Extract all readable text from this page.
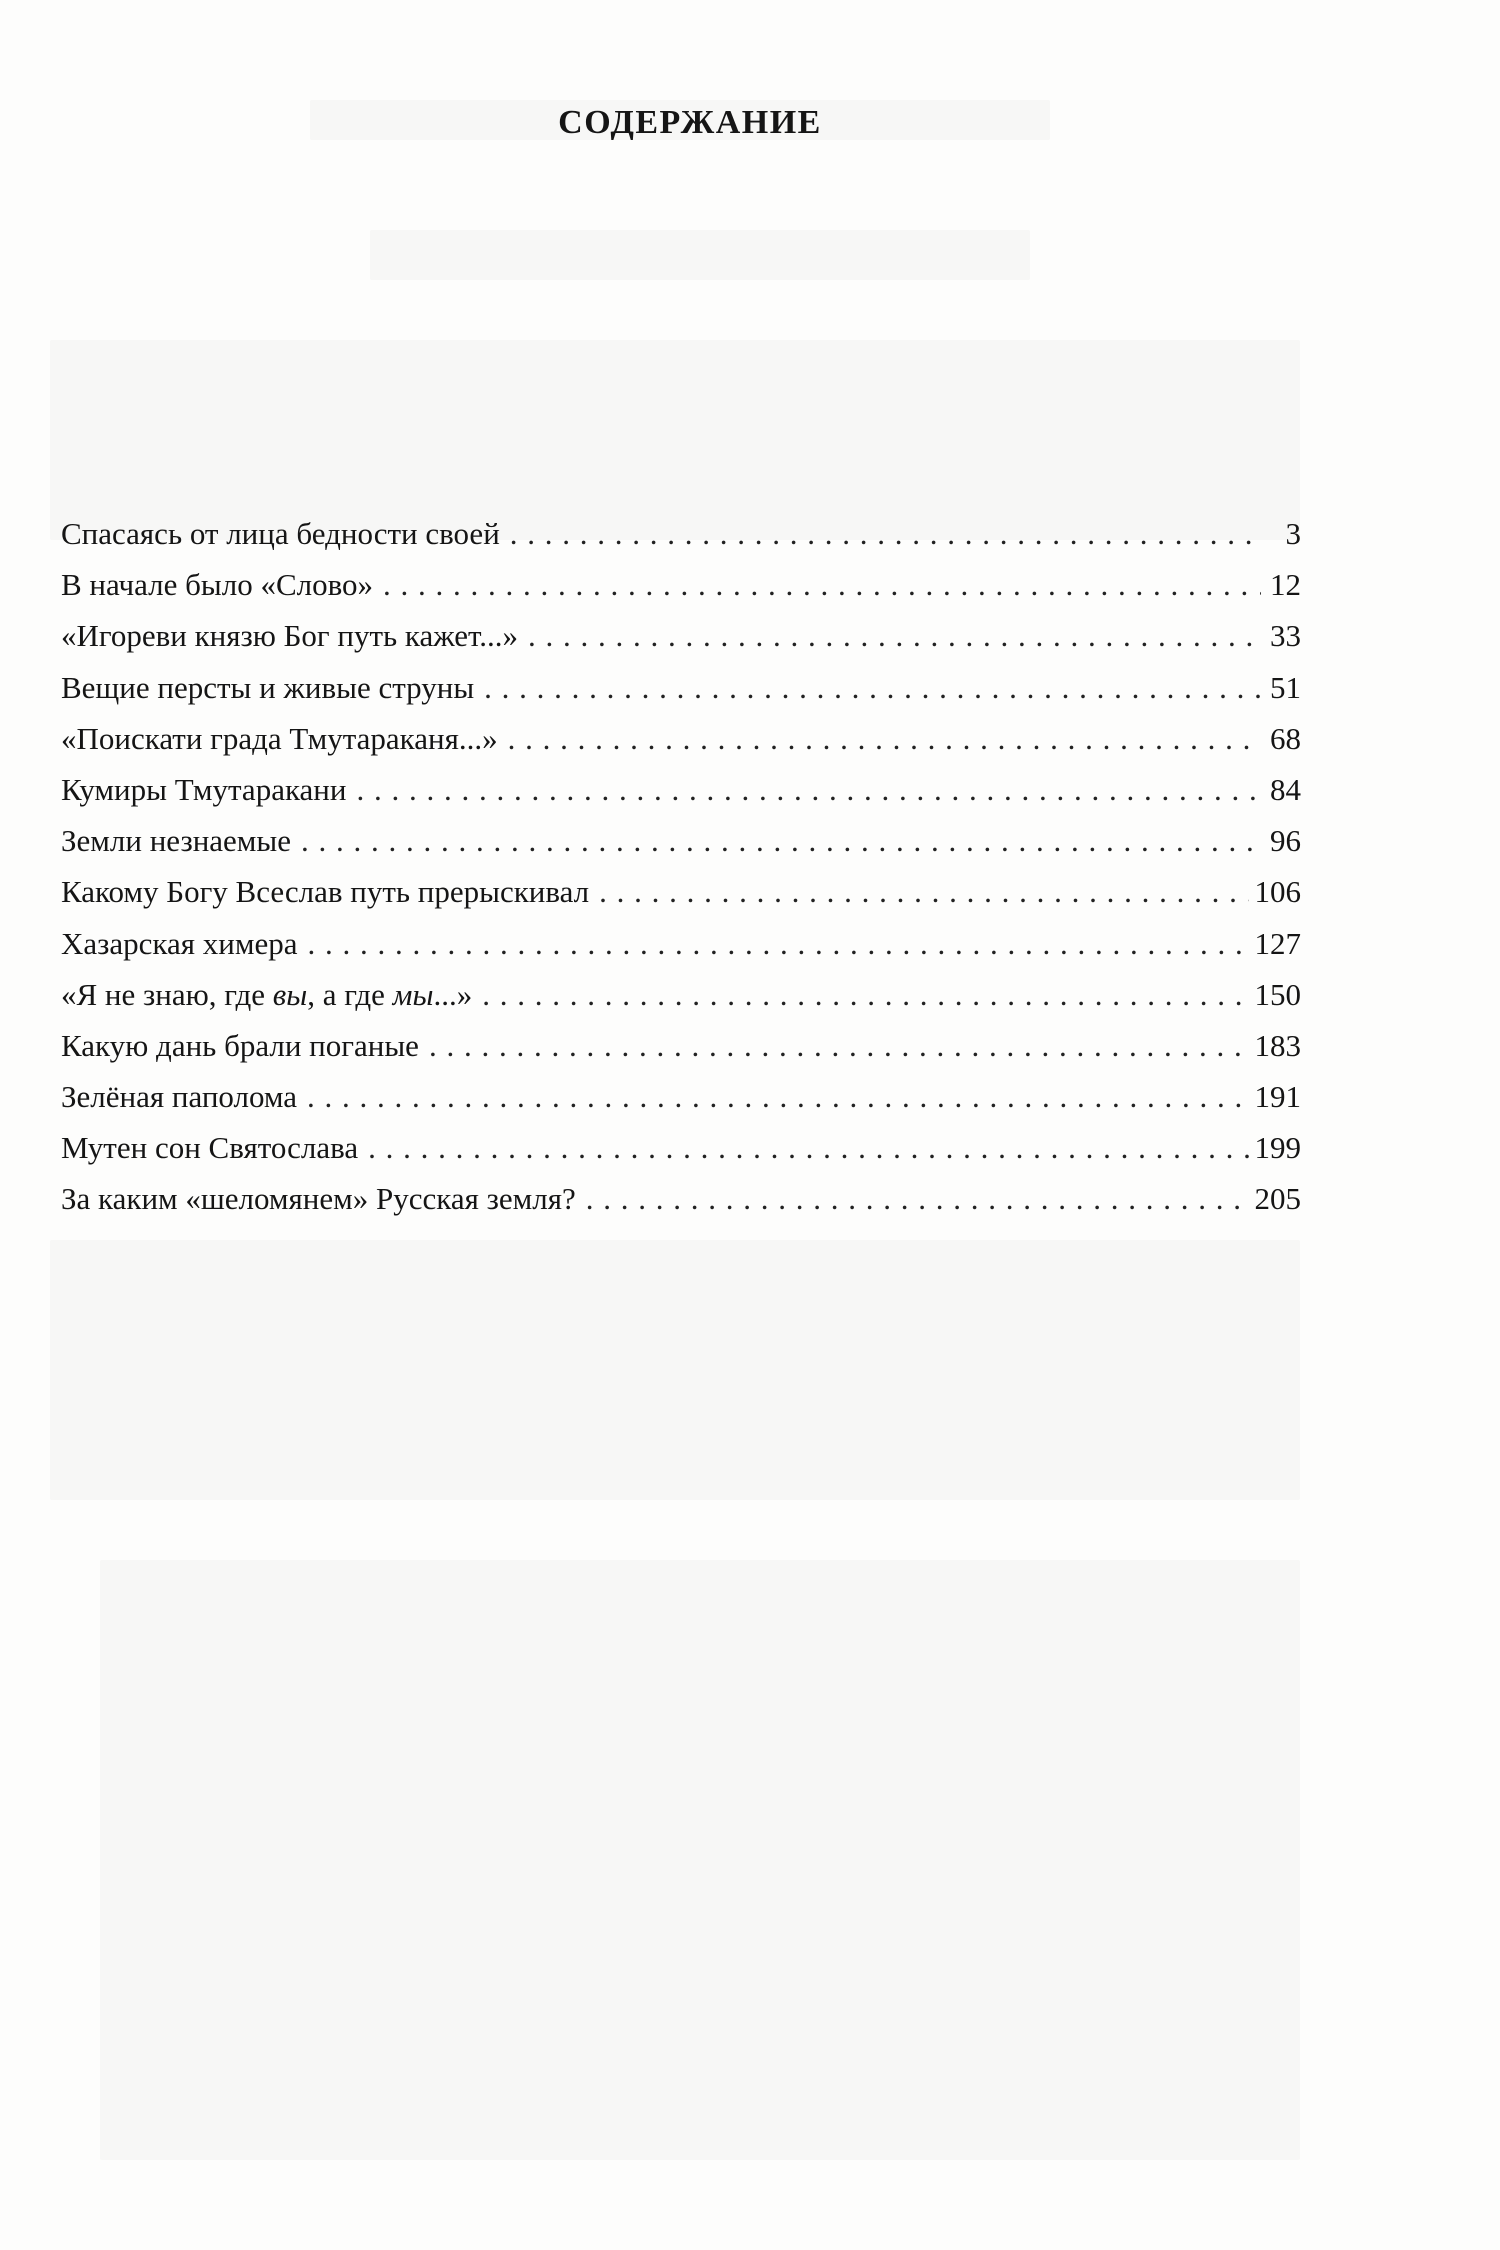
СОДЕРЖАНИЕ
Спасаясь от лица бедности своей . . .	3
В начале было «Слово» . . .	12
«Игореви князю Бог путь кажет...» . . .	33
Вещие персты и живые струны . . .	51
«Поискати града Тмутараканя...» . . .	68
Кумиры Тмутаракани . . .	84
Земли незнаемые . . .	96
Какому Богу Всеслав путь прерыскивал . . .	106
Хазарская химера . . .	127
«Я не знаю, где вы, а где мы...» . . .	150
Какую дань брали поганые . . .	183
Зелёная паполома . . .	191
Мутен сон Святослава . . .	199
За каким «шеломянем» Русская земля? . . .	205
